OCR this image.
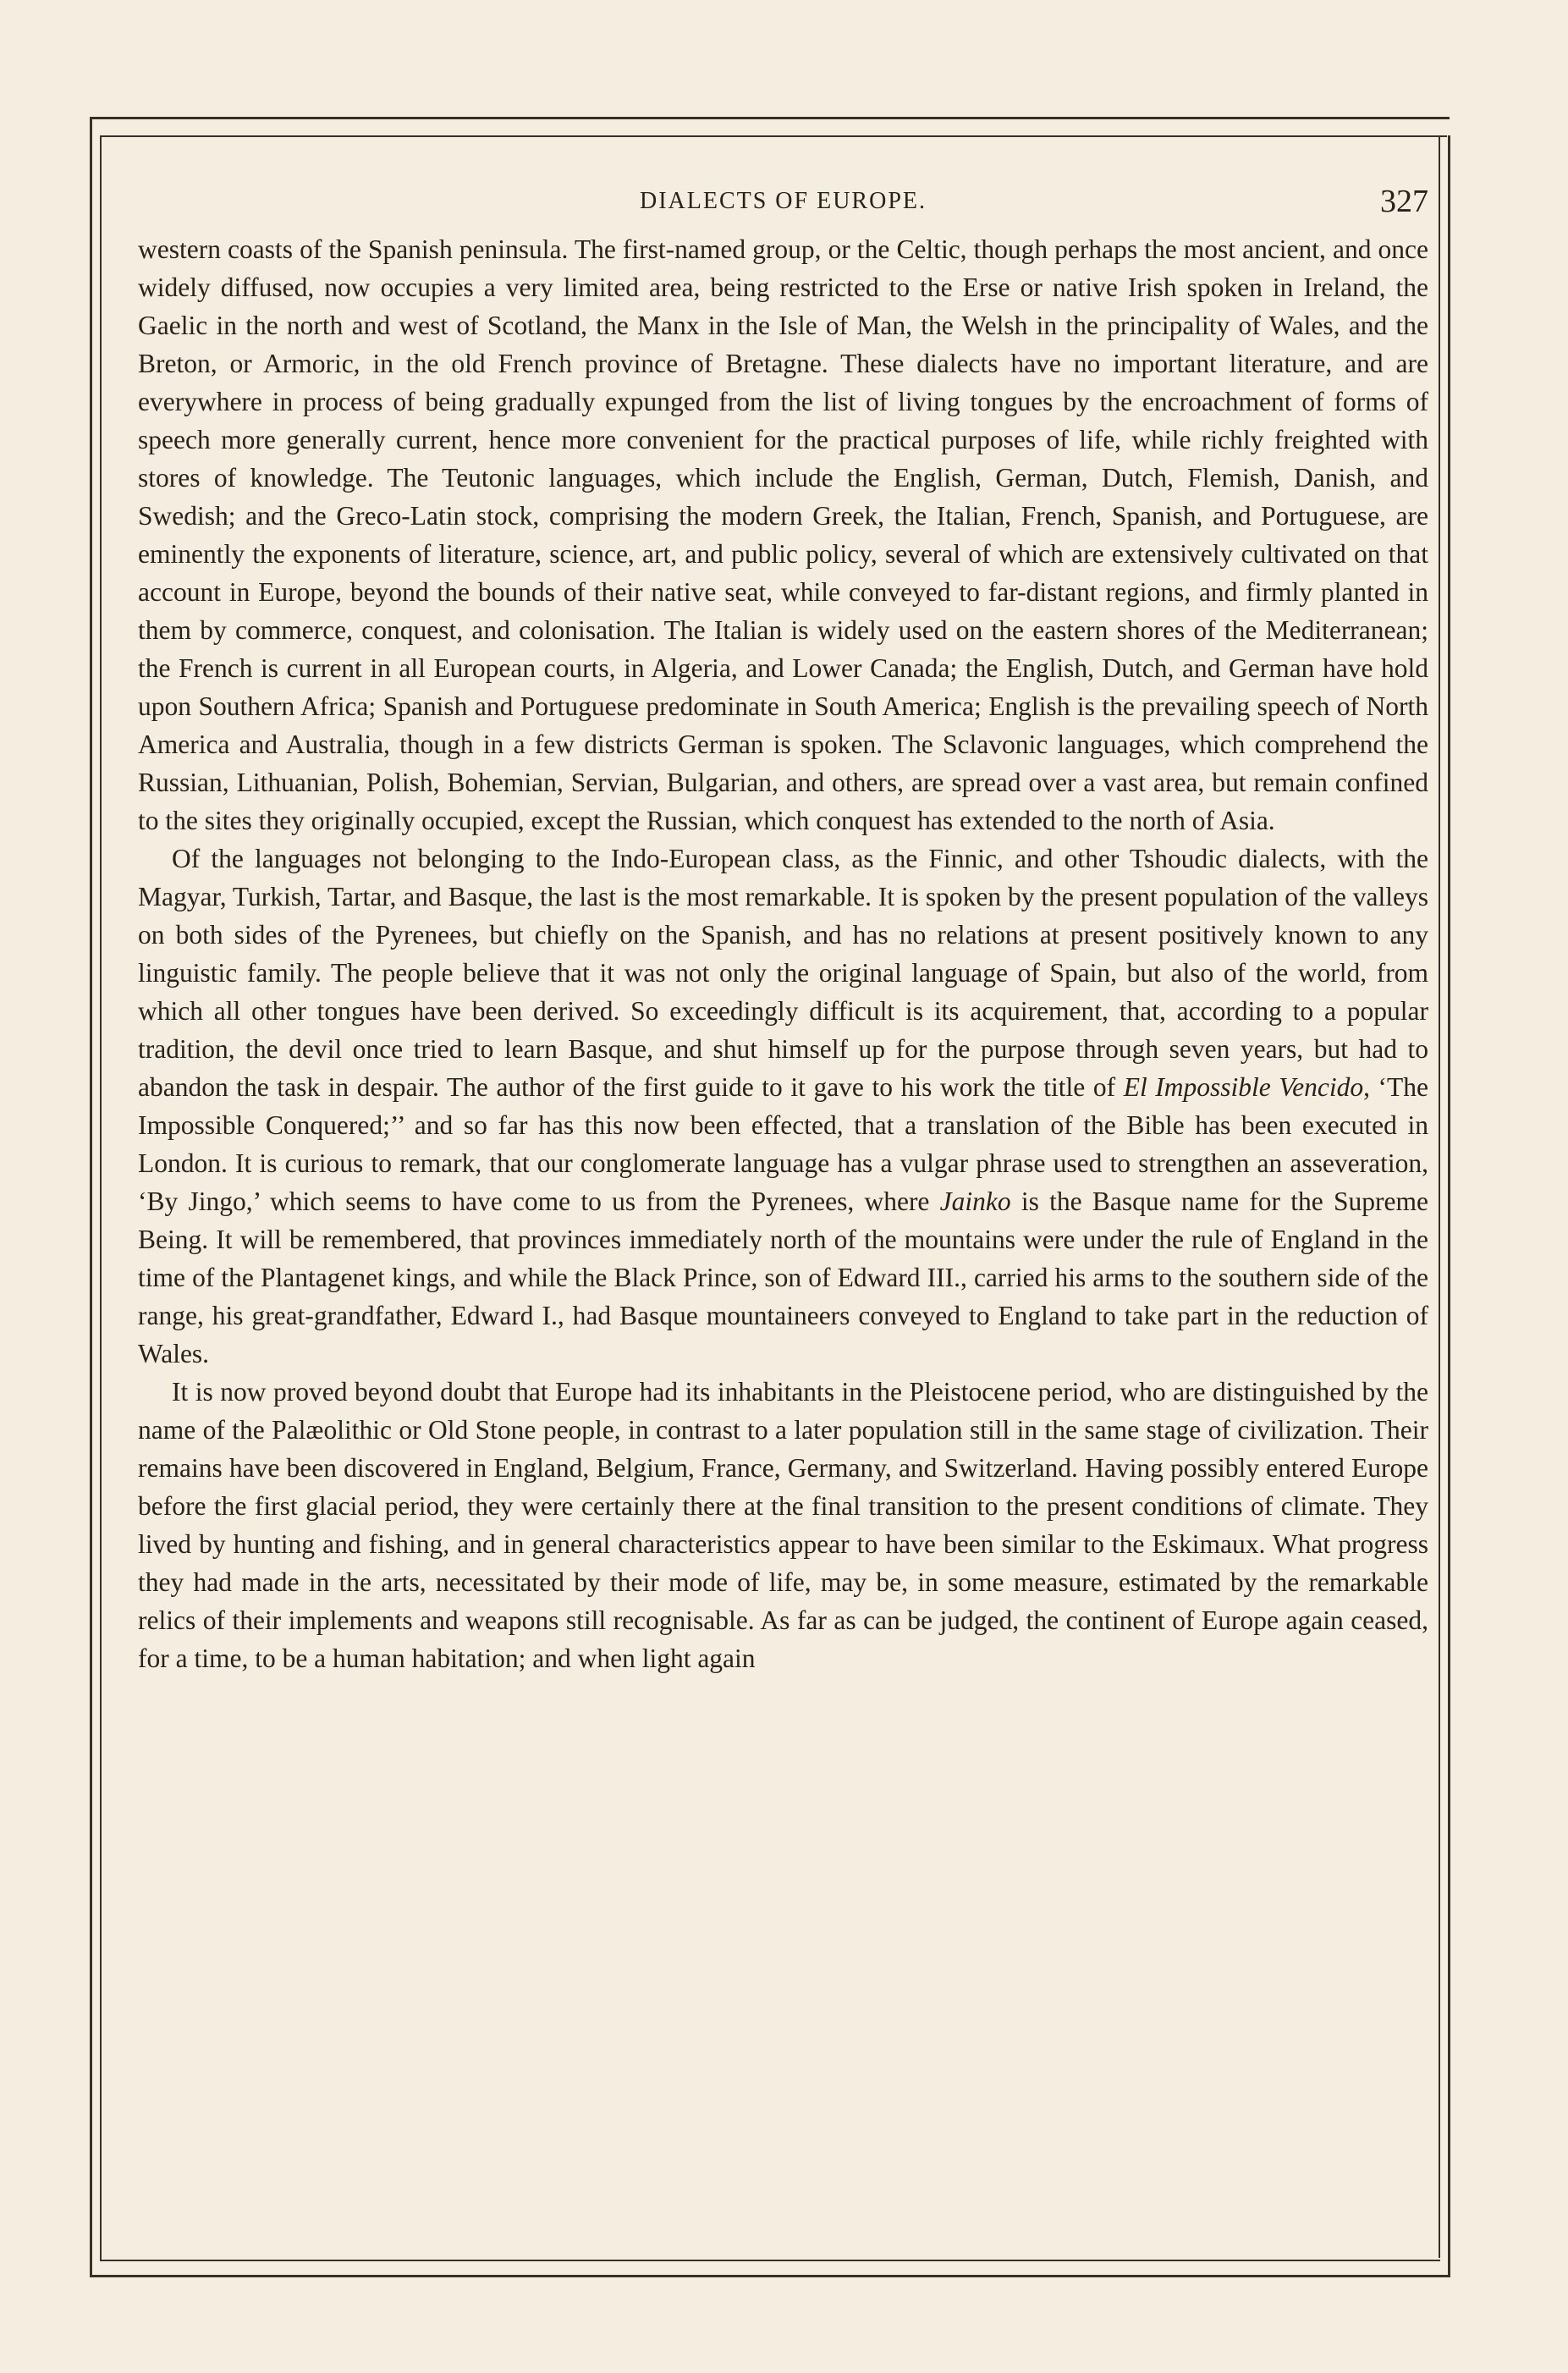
DIALECTS OF EUROPE.	327

western coasts of the Spanish peninsula. The first-named group, or the Celtic, though perhaps the most ancient, and once widely diffused, now occupies a very limited area, being restricted to the Erse or native Irish spoken in Ireland, the Gaelic in the north and west of Scotland, the Manx in the Isle of Man, the Welsh in the principality of Wales, and the Breton, or Armoric, in the old French province of Bretagne. These dialects have no important literature, and are everywhere in process of being gradually expunged from the list of living tongues by the encroachment of forms of speech more generally current, hence more convenient for the practical purposes of life, while richly freighted with stores of knowledge. The Teutonic languages, which include the English, German, Dutch, Flemish, Danish, and Swedish; and the Greco-Latin stock, comprising the modern Greek, the Italian, French, Spanish, and Portuguese, are eminently the exponents of literature, science, art, and public policy, several of which are extensively cultivated on that account in Europe, beyond the bounds of their native seat, while conveyed to far-distant regions, and firmly planted in them by commerce, conquest, and colonisation. The Italian is widely used on the eastern shores of the Mediterranean; the French is current in all European courts, in Algeria, and Lower Canada; the English, Dutch, and German have hold upon Southern Africa; Spanish and Portuguese predominate in South America; English is the prevailing speech of North America and Australia, though in a few districts German is spoken. The Sclavonic languages, which comprehend the Russian, Lithuanian, Polish, Bohemian, Servian, Bulgarian, and others, are spread over a vast area, but remain confined to the sites they originally occupied, except the Russian, which conquest has extended to the north of Asia.

Of the languages not belonging to the Indo-European class, as the Finnic, and other Tshoudic dialects, with the Magyar, Turkish, Tartar, and Basque, the last is the most remarkable. It is spoken by the present population of the valleys on both sides of the Pyrenees, but chiefly on the Spanish, and has no relations at present positively known to any linguistic family. The people believe that it was not only the original language of Spain, but also of the world, from which all other tongues have been derived. So exceedingly difficult is its acquirement, that, according to a popular tradition, the devil once tried to learn Basque, and shut himself up for the purpose through seven years, but had to abandon the task in despair. The author of the first guide to it gave to his work the title of El Impossible Vencido, ‘The Impossible Conquered;’’ and so far has this now been effected, that a translation of the Bible has been executed in London. It is curious to remark, that our conglomerate language has a vulgar phrase used to strengthen an asseveration, ‘By Jingo,’ which seems to have come to us from the Pyrenees, where Jainko is the Basque name for the Supreme Being. It will be remembered, that provinces immediately north of the mountains were under the rule of England in the time of the Plantagenet kings, and while the Black Prince, son of Edward III., carried his arms to the southern side of the range, his great-grandfather, Edward I., had Basque mountaineers conveyed to England to take part in the reduction of Wales.

It is now proved beyond doubt that Europe had its inhabitants in the Pleistocene period, who are distinguished by the name of the Palæolithic or Old Stone people, in contrast to a later population still in the same stage of civilization. Their remains have been discovered in England, Belgium, France, Germany, and Switzerland. Having possibly entered Europe before the first glacial period, they were certainly there at the final transition to the present conditions of climate. They lived by hunting and fishing, and in general characteristics appear to have been similar to the Eskimaux. What progress they had made in the arts, necessitated by their mode of life, may be, in some measure, estimated by the remarkable relics of their implements and weapons still recognisable. As far as can be judged, the continent of Europe again ceased, for a time, to be a human habitation; and when light again
